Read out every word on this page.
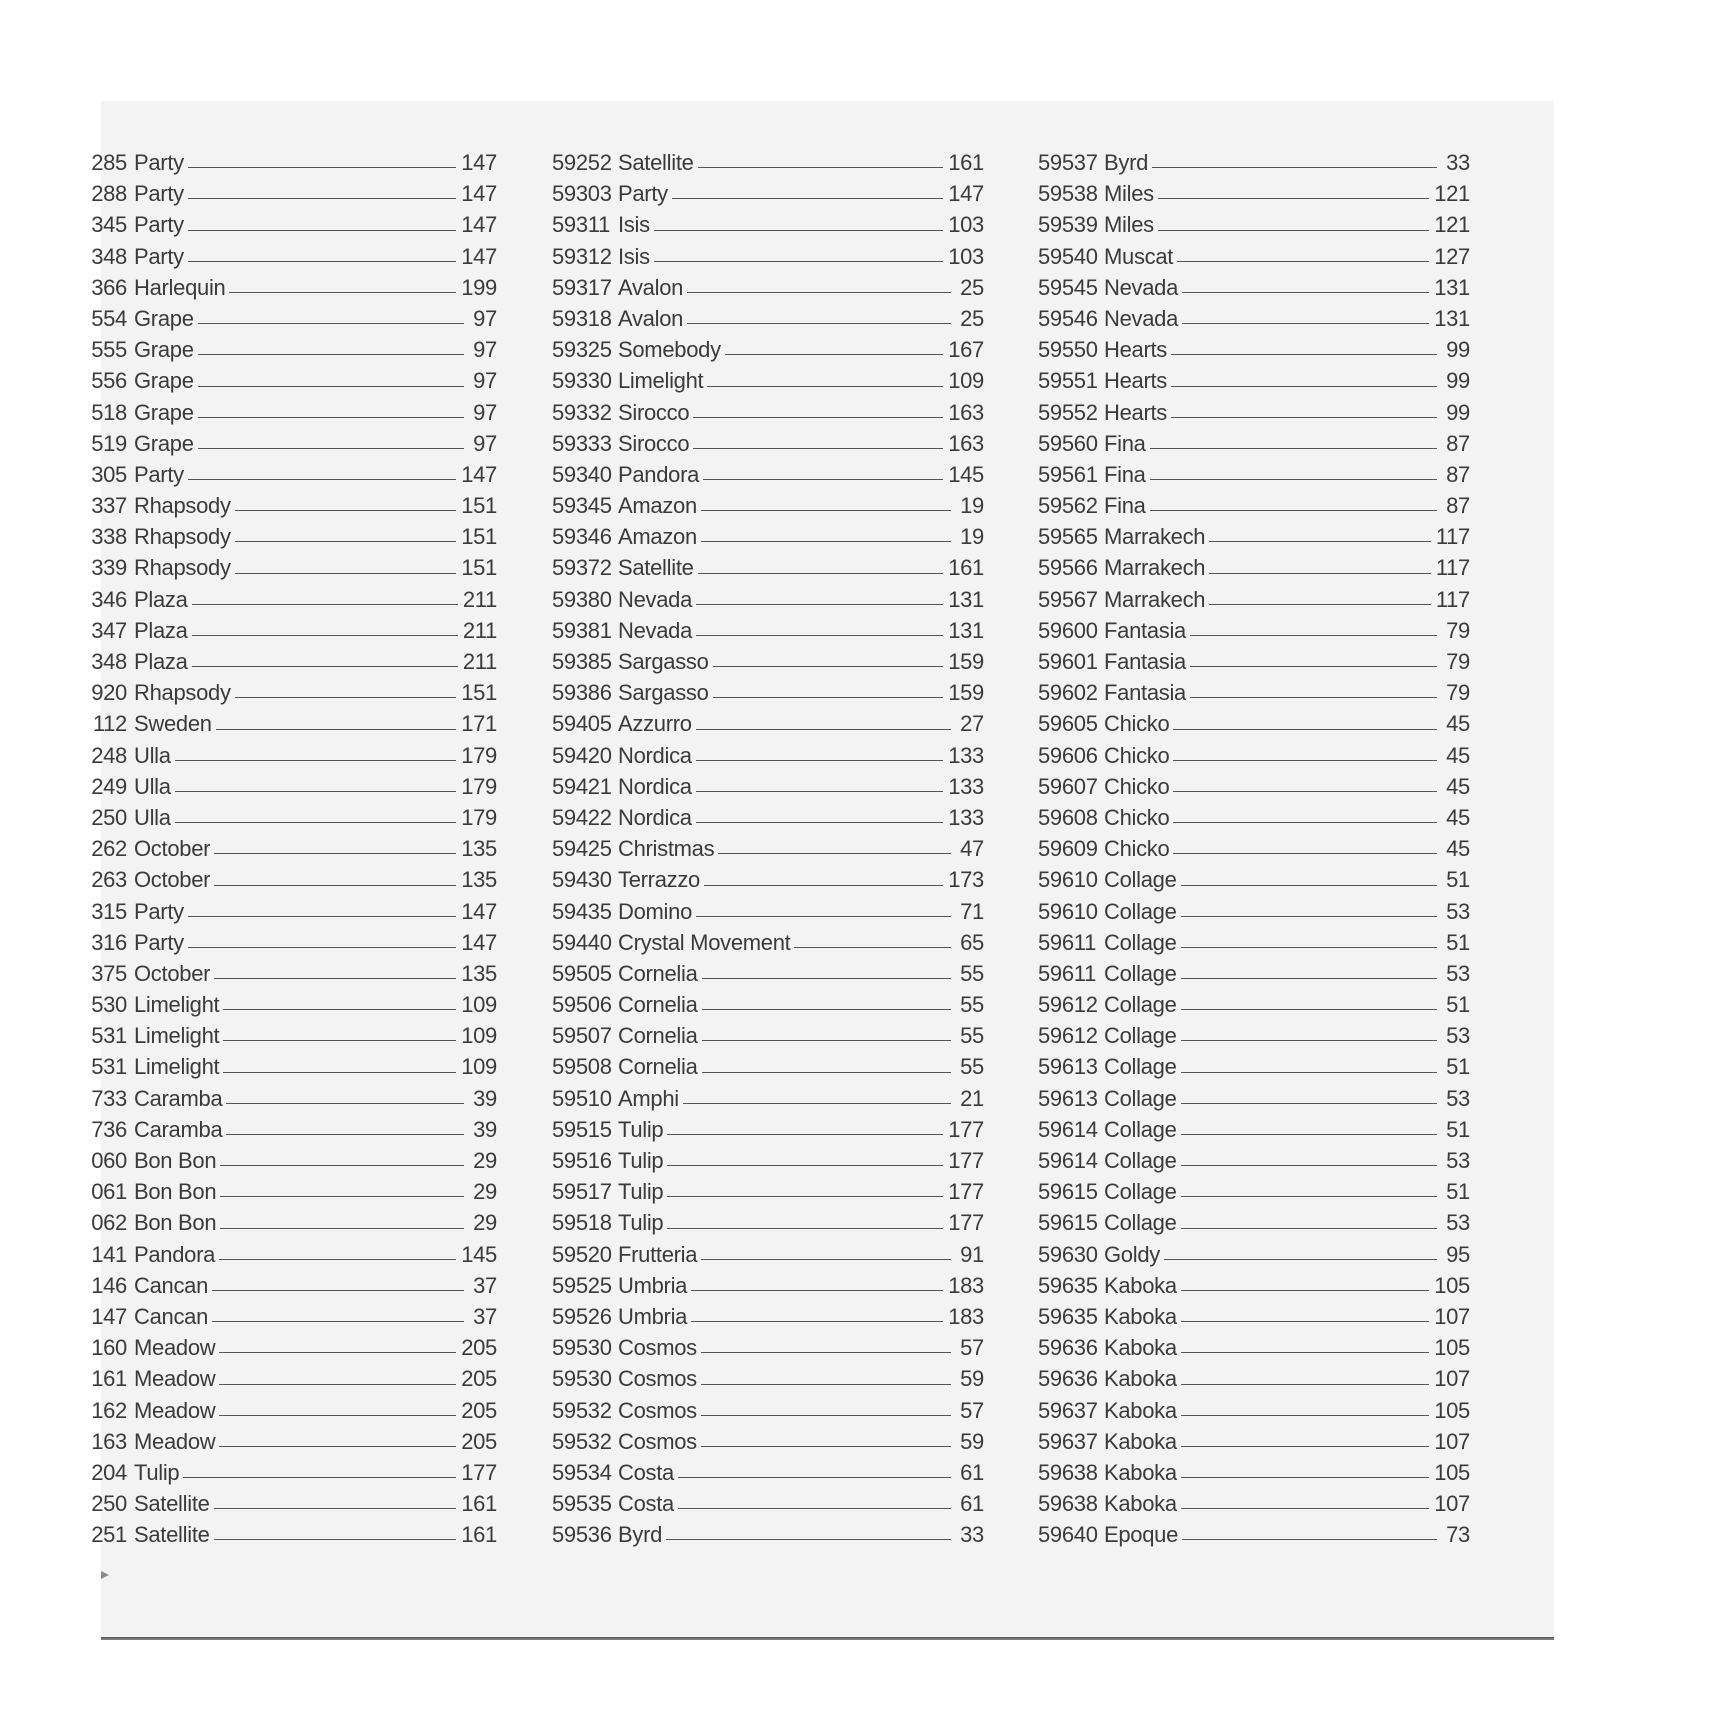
285 Party	147
288 Party	147
345 Party	147
348 Party	147
366 Harlequin	199
554 Grape	97
555 Grape	97
556 Grape	97
518 Grape	97
519 Grape	97
305 Party	147
337 Rhapsody	151
338 Rhapsody	151
339 Rhapsody	151
346 Plaza	211
347 Plaza	211
348 Plaza	211
920 Rhapsody	151
112 Sweden	171
248 Ulla	179
249 Ulla	179
250 Ulla	179
262 October	135
263 October	135
315 Party	147
316 Party	147
375 October	135
530 Limelight	109
531 Limelight	109
531 Limelight	109
733 Caramba	39
736 Caramba	39
060 Bon Bon	29
061 Bon Bon	29
062 Bon Bon	29
141 Pandora	145
146 Cancan	37
147 Cancan	37
160 Meadow	205
161 Meadow	205
162 Meadow	205
163 Meadow	205
204 Tulip	177
250 Satellite	161
251 Satellite	161
59252 Satellite	161
59303 Party	147
59311 Isis	103
59312 Isis	103
59317 Avalon	25
59318 Avalon	25
59325 Somebody	167
59330 Limelight	109
59332 Sirocco	163
59333 Sirocco	163
59340 Pandora	145
59345 Amazon	19
59346 Amazon	19
59372 Satellite	161
59380 Nevada	131
59381 Nevada	131
59385 Sargasso	159
59386 Sargasso	159
59405 Azzurro	27
59420 Nordica	133
59421 Nordica	133
59422 Nordica	133
59425 Christmas	47
59430 Terrazzo	173
59435 Domino	71
59440 Crystal Movement	65
59505 Cornelia	55
59506 Cornelia	55
59507 Cornelia	55
59508 Cornelia	55
59510 Amphi	21
59515 Tulip	177
59516 Tulip	177
59517 Tulip	177
59518 Tulip	177
59520 Frutteria	91
59525 Umbria	183
59526 Umbria	183
59530 Cosmos	57
59530 Cosmos	59
59532 Cosmos	57
59532 Cosmos	59
59534 Costa	61
59535 Costa	61
59536 Byrd	33
59537 Byrd	33
59538 Miles	121
59539 Miles	121
59540 Muscat	127
59545 Nevada	131
59546 Nevada	131
59550 Hearts	99
59551 Hearts	99
59552 Hearts	99
59560 Fina	87
59561 Fina	87
59562 Fina	87
59565 Marrakech	117
59566 Marrakech	117
59567 Marrakech	117
59600 Fantasia	79
59601 Fantasia	79
59602 Fantasia	79
59605 Chicko	45
59606 Chicko	45
59607 Chicko	45
59608 Chicko	45
59609 Chicko	45
59610 Collage	51
59610 Collage	53
59611 Collage	51
59611 Collage	53
59612 Collage	51
59612 Collage	53
59613 Collage	51
59613 Collage	53
59614 Collage	51
59614 Collage	53
59615 Collage	51
59615 Collage	53
59630 Goldy	95
59635 Kaboka	105
59635 Kaboka	107
59636 Kaboka	105
59636 Kaboka	107
59637 Kaboka	105
59637 Kaboka	107
59638 Kaboka	105
59638 Kaboka	107
59640 Epoque	73
